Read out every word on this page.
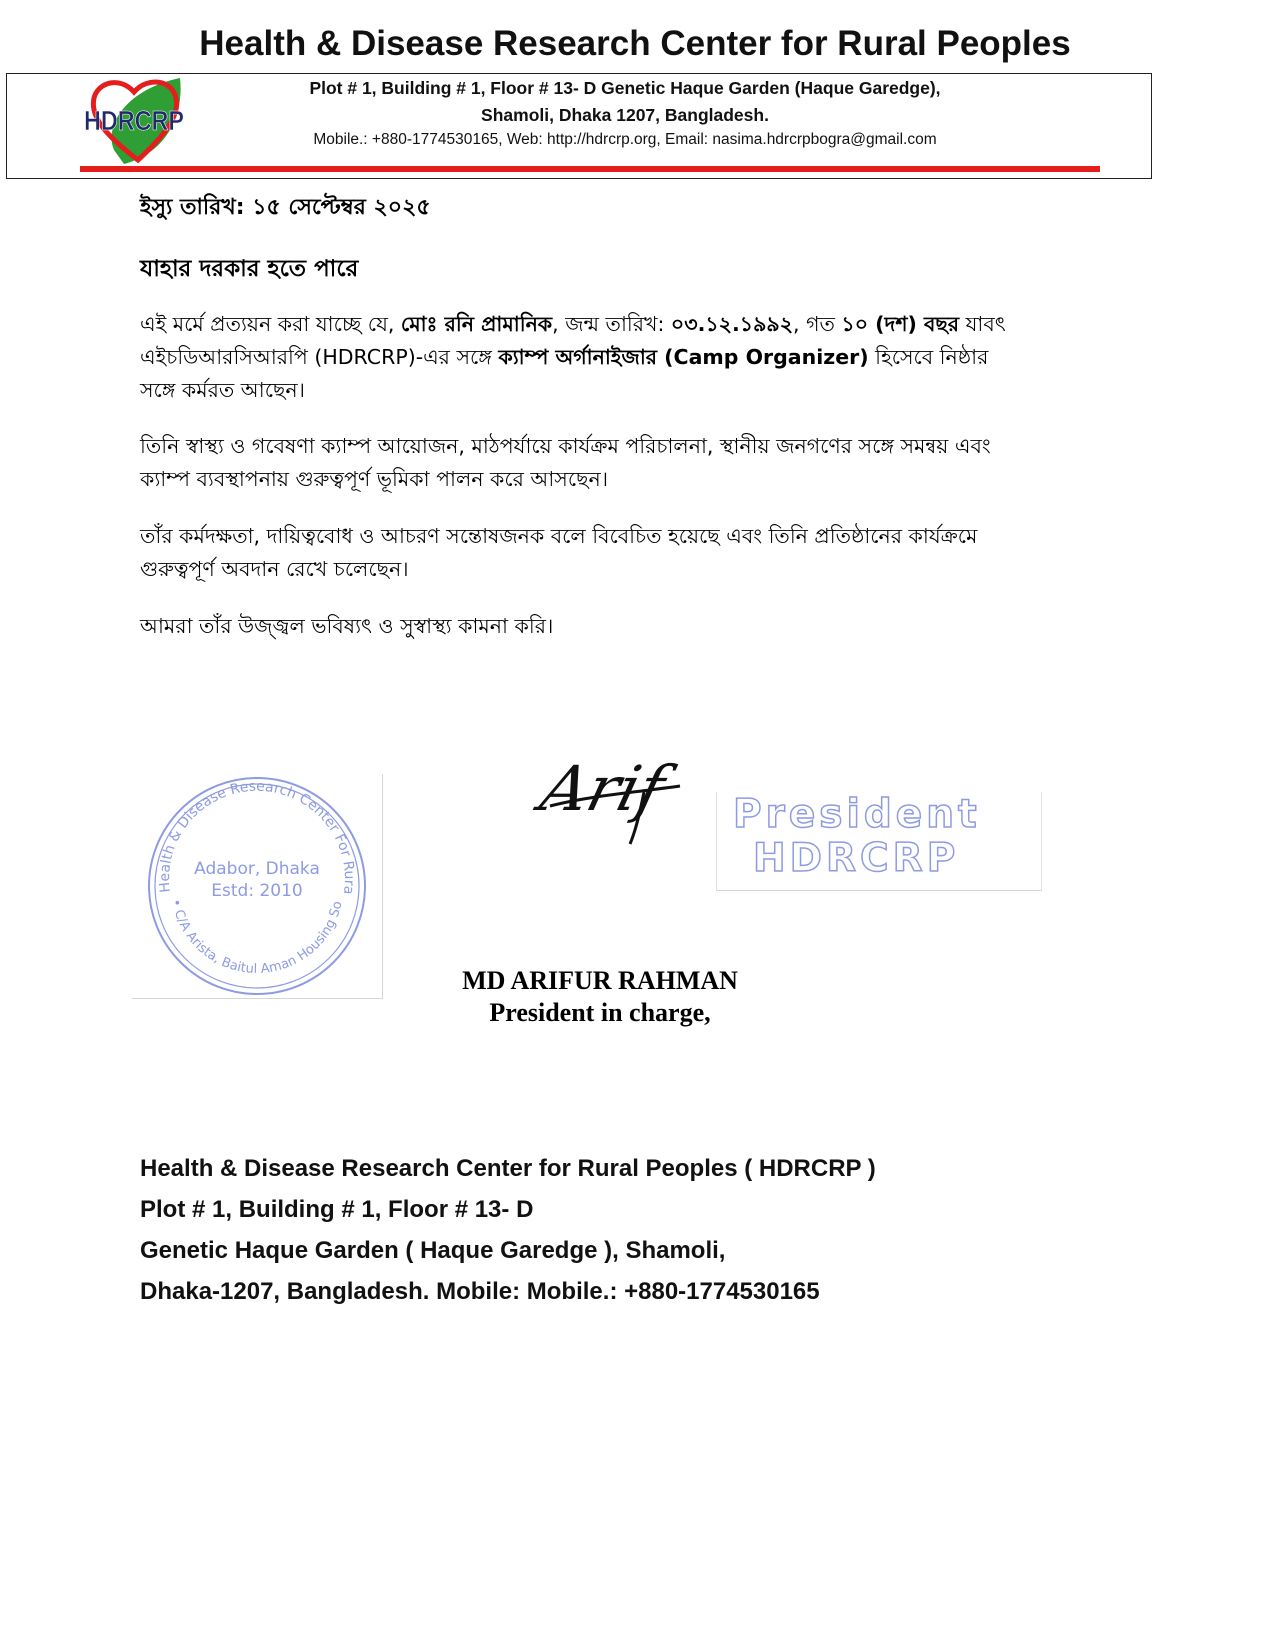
Health & Disease Research Center for Rural Peoples
HDRCRP
Plot # 1, Building # 1, Floor # 13- D Genetic Haque Garden (Haque Garedge),
Shamoli, Dhaka 1207, Bangladesh.
Mobile.: +880-1774530165, Web: http://hdrcrp.org, Email: nasima.hdrcrpbogra@gmail.com
ইস্যু তারিখ: ১৫ সেপ্টেম্বর ২০২৫
যাহার দরকার হতে পারে
এই মর্মে প্রত্যয়ন করা যাচ্ছে যে, মোঃ রনি প্রামানিক, জন্ম তারিখ: ০৩.১২.১৯৯২, গত ১০ (দশ) বছর যাবৎ এইচডিআরসিআরপি (HDRCRP)-এর সঙ্গে ক্যাম্প অর্গানাইজার (Camp Organizer) হিসেবে নিষ্ঠার সঙ্গে কর্মরত আছেন।
তিনি স্বাস্থ্য ও গবেষণা ক্যাম্প আয়োজন, মাঠপর্যায়ে কার্যক্রম পরিচালনা, স্থানীয় জনগণের সঙ্গে সমন্বয় এবং ক্যাম্প ব্যবস্থাপনায় গুরুত্বপূর্ণ ভূমিকা পালন করে আসছেন।
তাঁর কর্মদক্ষতা, দায়িত্ববোধ ও আচরণ সন্তোষজনক বলে বিবেচিত হয়েছে এবং তিনি প্রতিষ্ঠানের কার্যক্রমে গুরুত্বপূর্ণ অবদান রেখে চলেছেন।
আমরা তাঁর উজ্জ্বল ভবিষ্যৎ ও সুস্বাস্থ্য কামনা করি।
Health & Disease Research Center For Rura
• C/A Arista, Baitul Aman Housing So
Adabor, Dhaka
Estd: 2010
Arif	President
HDRCRP
MD ARIFUR RAHMAN
President in charge,
Health & Disease Research Center for Rural Peoples ( HDRCRP )
Plot # 1, Building # 1, Floor # 13- D
Genetic Haque Garden ( Haque Garedge ), Shamoli,
Dhaka-1207, Bangladesh. Mobile: Mobile.: +880-1774530165
